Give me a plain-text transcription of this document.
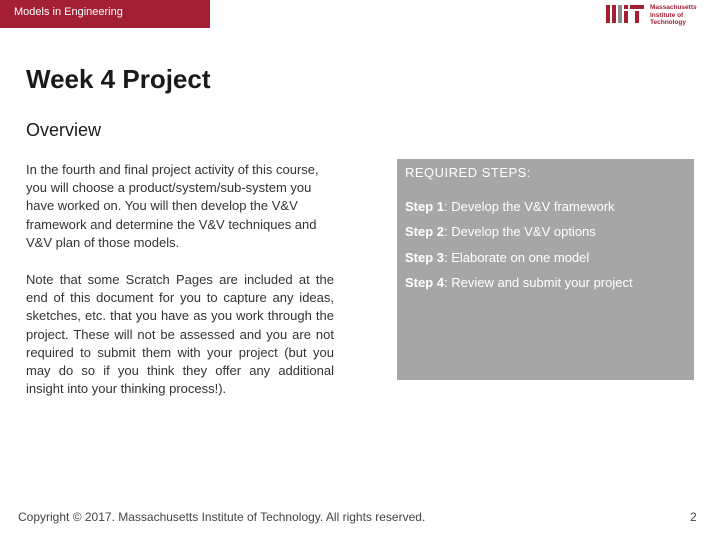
Models in Engineering	Massachusetts
Institute of
Technology
Week 4 Project
Overview
In the fourth and final project activity of this course, you will choose a product/system/sub-system you have worked on. You will then develop the V&V framework and determine the V&V techniques and V&V plan of those models.
Note that some Scratch Pages are included at the end of this document for you to capture any ideas, sketches, etc. that you have as you work through the project. These will not be assessed and you are not required to submit them with your project (but you may do so if you think they offer any additional insight into your thinking process!).
REQUIRED STEPS:
Step 1: Develop the V&V framework
Step 2: Develop the V&V options
Step 3: Elaborate on one model
Step 4: Review and submit your project
Copyright © 2017. Massachusetts Institute of Technology. All rights reserved.	2
